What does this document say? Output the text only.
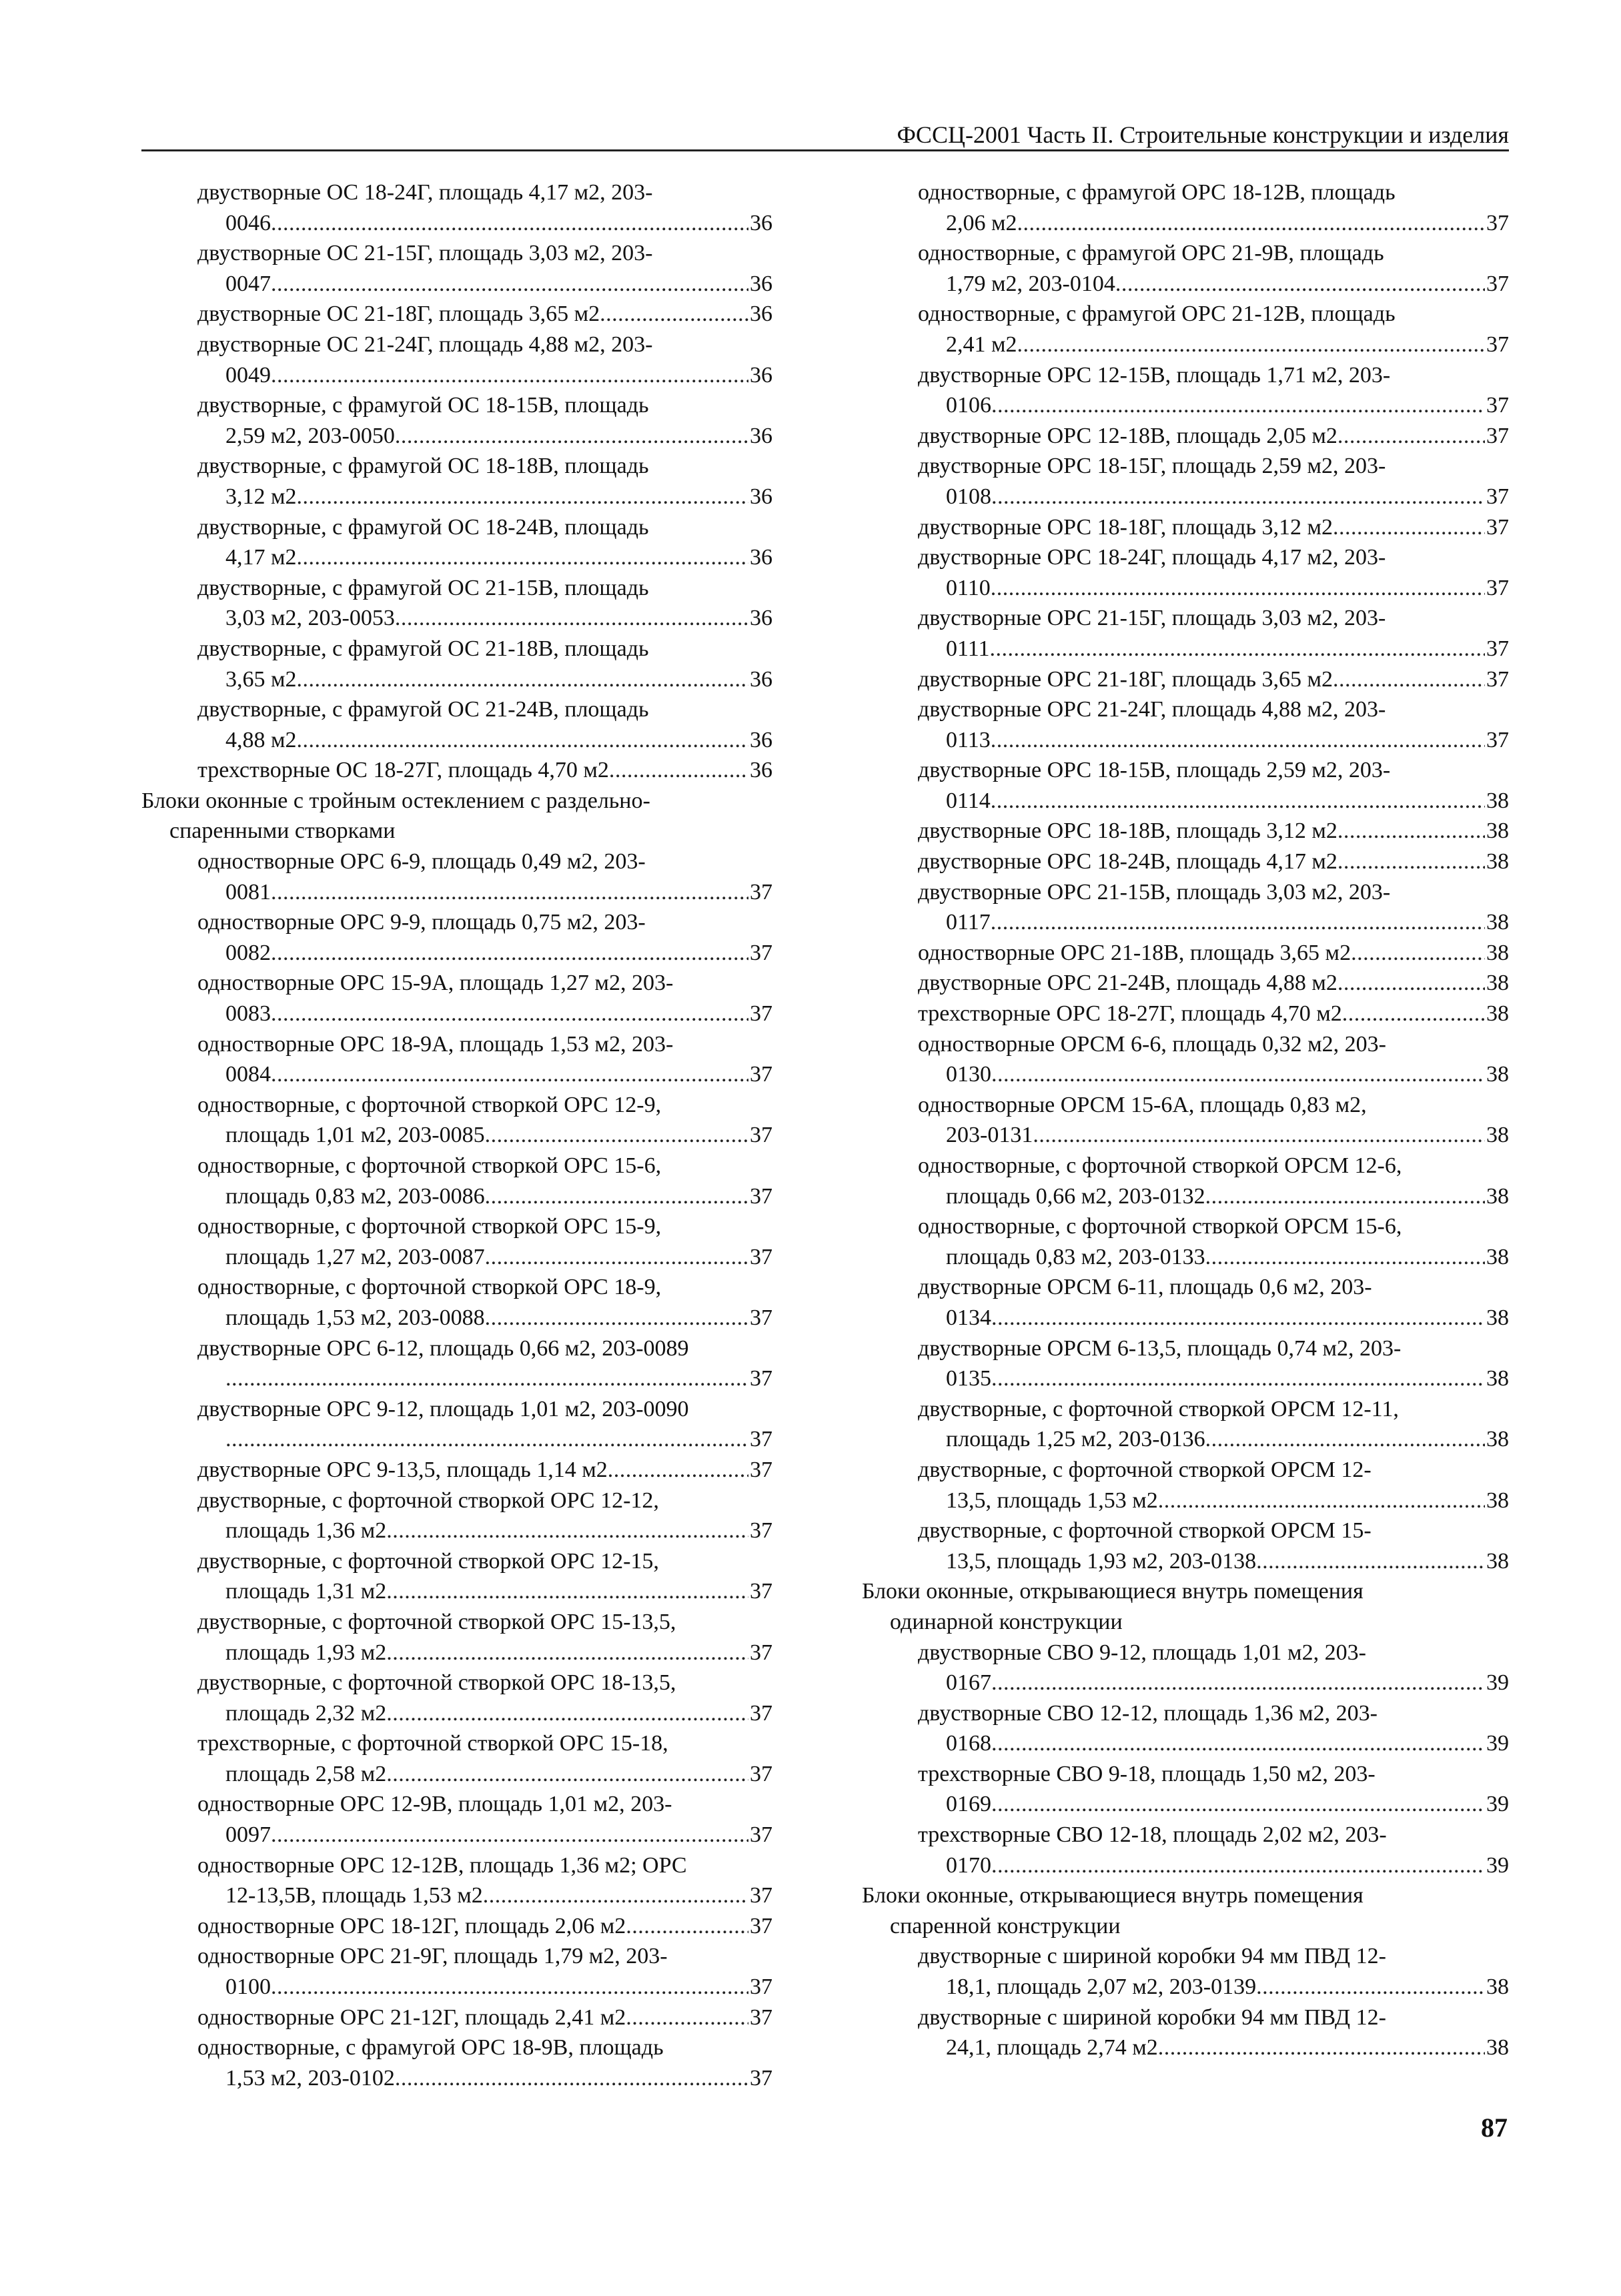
ФССЦ-2001 Часть II. Строительные конструкции и изделия
двустворные ОС 18-24Г, площадь 4,17 м2, 203-
0046 .....	36
двустворные ОС 21-15Г, площадь 3,03 м2, 203-
0047 .....	36
двустворные ОС 21-18Г, площадь 3,65 м2 .....	36
двустворные ОС 21-24Г, площадь 4,88 м2, 203-
0049 .....	36
двустворные, с фрамугой ОС 18-15В, площадь
2,59 м2, 203-0050 .....	36
двустворные, с фрамугой ОС 18-18В, площадь
3,12 м2 .....	36
двустворные, с фрамугой ОС 18-24В, площадь
4,17 м2 .....	36
двустворные, с фрамугой ОС 21-15В, площадь
3,03 м2, 203-0053 .....	36
двустворные, с фрамугой ОС 21-18В, площадь
3,65 м2 .....	36
двустворные, с фрамугой ОС 21-24В, площадь
4,88 м2 .....	36
трехстворные ОС 18-27Г, площадь 4,70 м2 .....	36
Блоки оконные с тройным остеклением с раздельно-
спаренными створками
одностворные ОРС 6-9, площадь 0,49 м2, 203-
0081 .....	37
одностворные ОРС 9-9, площадь 0,75 м2, 203-
0082 .....	37
одностворные ОРС 15-9А, площадь 1,27 м2, 203-
0083 .....	37
одностворные ОРС 18-9А, площадь 1,53 м2, 203-
0084 .....	37
одностворные, с форточной створкой ОРС 12-9,
площадь 1,01 м2, 203-0085 .....	37
одностворные, с форточной створкой ОРС 15-6,
площадь 0,83 м2, 203-0086 .....	37
одностворные, с форточной створкой ОРС 15-9,
площадь 1,27 м2, 203-0087 .....	37
одностворные, с форточной створкой ОРС 18-9,
площадь 1,53 м2, 203-0088 .....	37
двустворные ОРС 6-12, площадь 0,66 м2, 203-0089
.....
37
двустворные ОРС 9-12, площадь 1,01 м2, 203-0090
.....
37
двустворные ОРС 9-13,5, площадь 1,14 м2 .....	37
двустворные, с форточной створкой ОРС 12-12,
площадь 1,36 м2 .....	37
двустворные, с форточной створкой ОРС 12-15,
площадь 1,31 м2 .....	37
двустворные, с форточной створкой ОРС 15-13,5,
площадь 1,93 м2 .....	37
двустворные, с форточной створкой ОРС 18-13,5,
площадь 2,32 м2 .....	37
трехстворные, с форточной створкой ОРС 15-18,
площадь 2,58 м2 .....	37
одностворные ОРС 12-9В, площадь 1,01 м2, 203-
0097 .....	37
одностворные ОРС 12-12В, площадь 1,36 м2; ОРС
12-13,5В, площадь 1,53 м2 .....	37
одностворные ОРС 18-12Г, площадь 2,06 м2 .....	37
одностворные ОРС 21-9Г, площадь 1,79 м2, 203-
0100 .....	37
одностворные ОРС 21-12Г, площадь 2,41 м2 .....	37
одностворные, с фрамугой ОРС 18-9В, площадь
1,53 м2, 203-0102 .....	37
одностворные, с фрамугой ОРС 18-12В, площадь
2,06 м2 .....	37
одностворные, с фрамугой ОРС 21-9В, площадь
1,79 м2, 203-0104 .....	37
одностворные, с фрамугой ОРС 21-12В, площадь
2,41 м2 .....	37
двустворные ОРС 12-15В, площадь 1,71 м2, 203-
0106 .....	37
двустворные ОРС 12-18В, площадь 2,05 м2 .....	37
двустворные ОРС 18-15Г, площадь 2,59 м2, 203-
0108 .....	37
двустворные ОРС 18-18Г, площадь 3,12 м2 .....	37
двустворные ОРС 18-24Г, площадь 4,17 м2, 203-
0110 .....	37
двустворные ОРС 21-15Г, площадь 3,03 м2, 203-
0111 .....	37
двустворные ОРС 21-18Г, площадь 3,65 м2 .....	37
двустворные ОРС 21-24Г, площадь 4,88 м2, 203-
0113 .....	37
двустворные ОРС 18-15В, площадь 2,59 м2, 203-
0114 .....	38
двустворные ОРС 18-18В, площадь 3,12 м2 .....	38
двустворные ОРС 18-24В, площадь 4,17 м2 .....	38
двустворные ОРС 21-15В, площадь 3,03 м2, 203-
0117 .....	38
одностворные ОРС 21-18В, площадь 3,65 м2 .....	38
двустворные ОРС 21-24В, площадь 4,88 м2 .....	38
трехстворные ОРС 18-27Г, площадь 4,70 м2 .....	38
одностворные ОРСМ 6-6, площадь 0,32 м2, 203-
0130 .....	38
одностворные ОРСМ 15-6А, площадь 0,83 м2,
203-0131 .....	38
одностворные, с форточной створкой ОРСМ 12-6,
площадь 0,66 м2, 203-0132 .....	38
одностворные, с форточной створкой ОРСМ 15-6,
площадь 0,83 м2, 203-0133 .....	38
двустворные ОРСМ 6-11, площадь 0,6 м2, 203-
0134 .....	38
двустворные ОРСМ 6-13,5, площадь 0,74 м2, 203-
0135 .....	38
двустворные, с форточной створкой ОРСМ 12-11,
площадь 1,25 м2, 203-0136 .....	38
двустворные, с форточной створкой ОРСМ 12-
13,5, площадь 1,53 м2 .....	38
двустворные, с форточной створкой ОРСМ 15-
13,5, площадь 1,93 м2, 203-0138 .....	38
Блоки оконные, открывающиеся внутрь помещения
одинарной конструкции
двустворные СВО 9-12, площадь 1,01 м2, 203-
0167 .....	39
двустворные СВО 12-12, площадь 1,36 м2, 203-
0168 .....	39
трехстворные СВО 9-18, площадь 1,50 м2, 203-
0169 .....	39
трехстворные СВО 12-18, площадь 2,02 м2, 203-
0170 .....	39
Блоки оконные, открывающиеся внутрь помещения
спаренной конструкции
двустворные с шириной коробки 94 мм ПВД 12-
18,1, площадь 2,07 м2, 203-0139 .....	38
двустворные с шириной коробки 94 мм ПВД 12-
24,1, площадь 2,74 м2 .....	38
87
